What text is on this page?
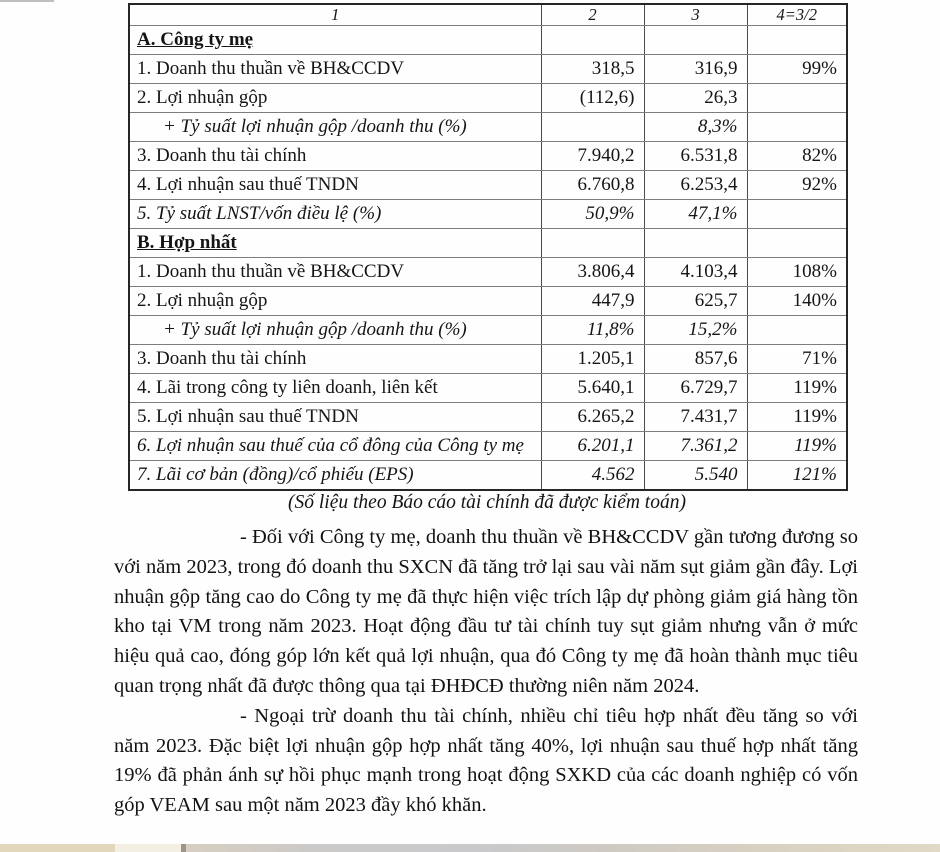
1	2	3	4=3/2
A. Công ty mẹ			
1. Doanh thu thuần về BH&CCDV	318,5	316,9	99%
2. Lợi nhuận gộp	(112,6)	26,3	
+ Tỷ suất lợi nhuận gộp /doanh thu (%)		8,3%	
3. Doanh thu tài chính	7.940,2	6.531,8	82%
4. Lợi nhuận sau thuế TNDN	6.760,8	6.253,4	92%
5. Tỷ suất LNST/vốn điều lệ (%)	50,9%	47,1%	
B. Hợp nhất			
1. Doanh thu thuần về BH&CCDV	3.806,4	4.103,4	108%
2. Lợi nhuận gộp	447,9	625,7	140%
+ Tỷ suất lợi nhuận gộp /doanh thu (%)	11,8%	15,2%	
3. Doanh thu tài chính	1.205,1	857,6	71%
4. Lãi trong công ty liên doanh, liên kết	5.640,1	6.729,7	119%
5. Lợi nhuận sau thuế TNDN	6.265,2	7.431,7	119%
6. Lợi nhuận sau thuế của cổ đông của Công ty mẹ	6.201,1	7.361,2	119%
7. Lãi cơ bản (đồng)/cổ phiếu (EPS)	4.562	5.540	121%
(Số liệu theo Báo cáo tài chính đã được kiểm toán)

- Đối với Công ty mẹ, doanh thu thuần về BH&CCDV gần tương đương so với năm 2023, trong đó doanh thu SXCN đã tăng trở lại sau vài năm sụt giảm gần đây. Lợi nhuận gộp tăng cao do Công ty mẹ đã thực hiện việc trích lập dự phòng giảm giá hàng tồn kho tại VM trong năm 2023. Hoạt động đầu tư tài chính tuy sụt giảm nhưng vẫn ở mức hiệu quả cao, đóng góp lớn kết quả lợi nhuận, qua đó Công ty mẹ đã hoàn thành mục tiêu quan trọng nhất đã được thông qua tại ĐHĐCĐ thường niên năm 2024.

- Ngoại trừ doanh thu tài chính, nhiều chỉ tiêu hợp nhất đều tăng so với năm 2023. Đặc biệt lợi nhuận gộp hợp nhất tăng 40%, lợi nhuận sau thuế hợp nhất tăng 19% đã phản ánh sự hồi phục mạnh trong hoạt động SXKD của các doanh nghiệp có vốn góp VEAM sau một năm 2023 đầy khó khăn.
